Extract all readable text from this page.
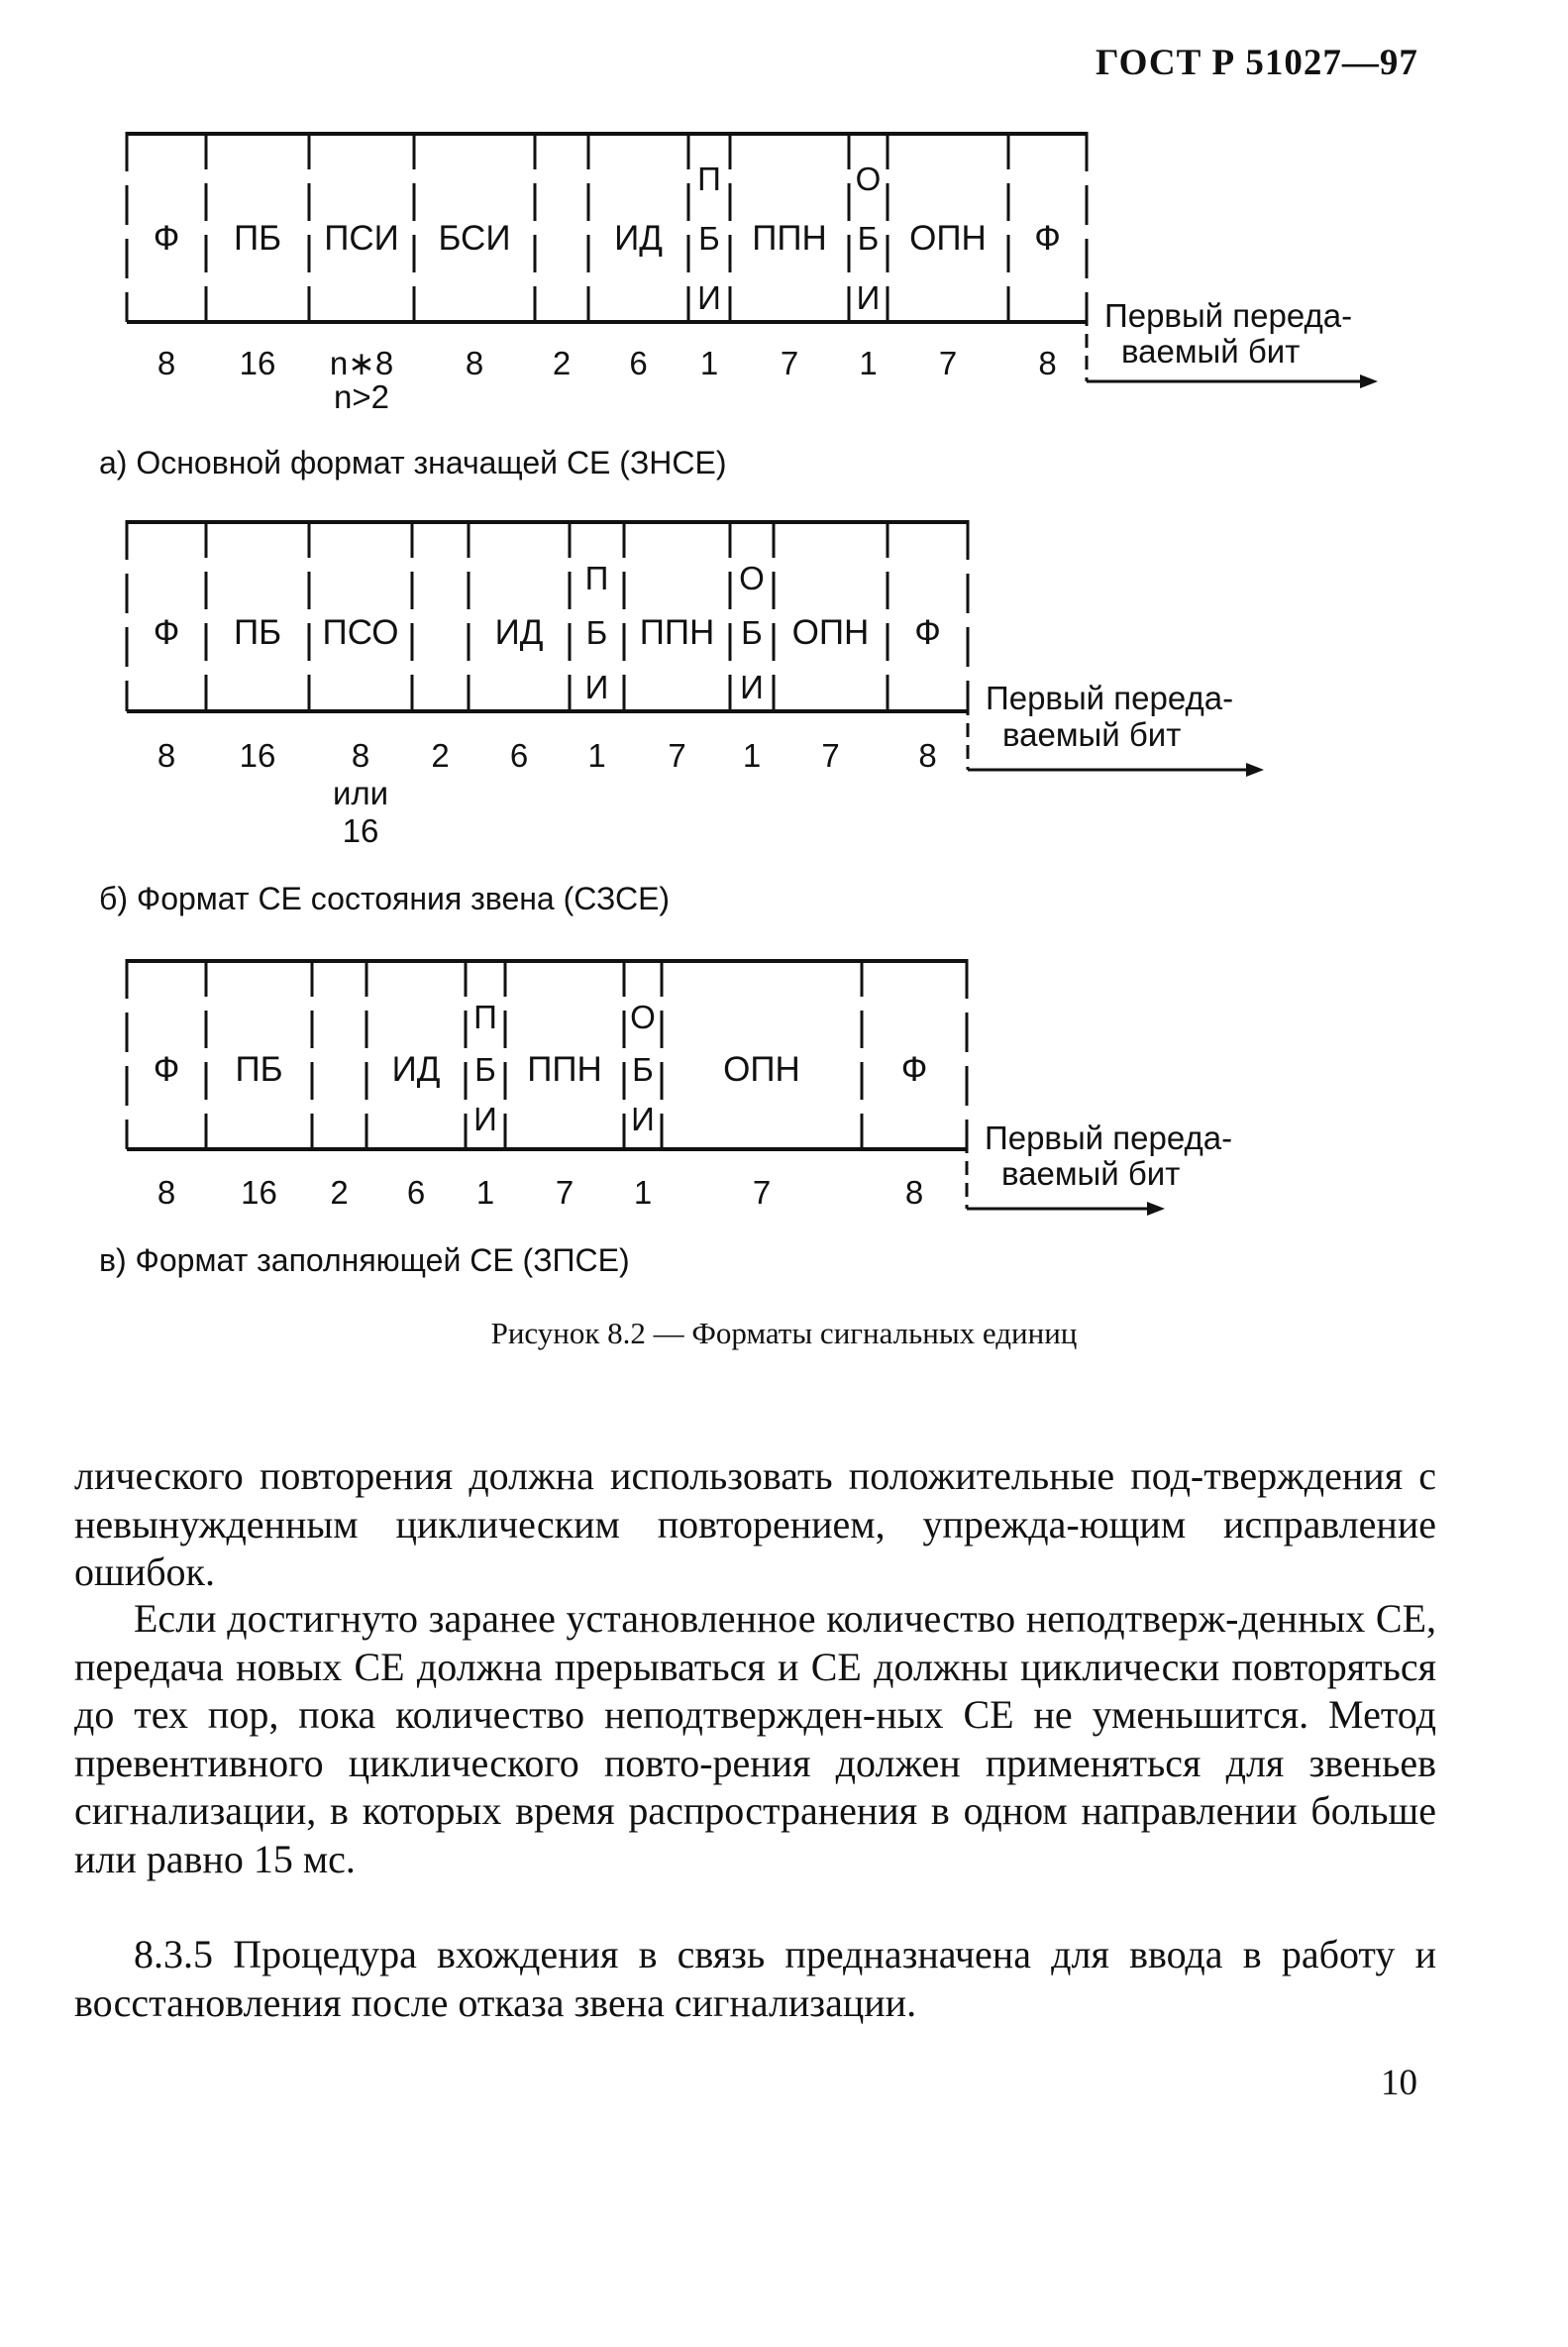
ГОСТ Р 51027—97
Ф
8
ПБ
16
ПСИ
n∗8
n>2
БСИ
8 2
ИД
6
П
Б
И
1
ППН
7
О
Б
И
1
ОПН
7
Ф
8
Первый переда-
ваемый бит
а) Основной формат значащей СЕ (ЗНСЕ)
Ф
8
ПБ
16
ПСО
8
или
16
2
ИД
6
П
Б
И
1
ППН
7
О
Б
И
1
ОПН
7
Ф
8
Первый переда-
ваемый бит
б) Формат СЕ состояния звена (СЗСЕ)
Ф
8
ПБ
16 2
ИД
6
П
Б
И
1
ППН
7
О
Б
И
1
ОПН
7
Ф
8
Первый переда-
ваемый бит
в) Формат заполняющей СЕ (ЗПСЕ)
Рисунок 8.2 — Форматы сигнальных единиц

лического повторения должна использовать положительные под-тверждения с невынужденным циклическим повторением, упрежда-ющим исправление ошибок.

Если достигнуто заранее установленное количество неподтверж-денных СЕ, передача новых СЕ должна прерываться и СЕ должны циклически повторяться до тех пор, пока количество неподтвержден-ных СЕ не уменьшится. Метод превентивного циклического повто-рения должен применяться для звеньев сигнализации, в которых время распространения в одном направлении больше или равно 15 мс.

8.3.5 Процедура вхождения в связь предназначена для ввода в работу и восстановления после отказа звена сигнализации.

10
